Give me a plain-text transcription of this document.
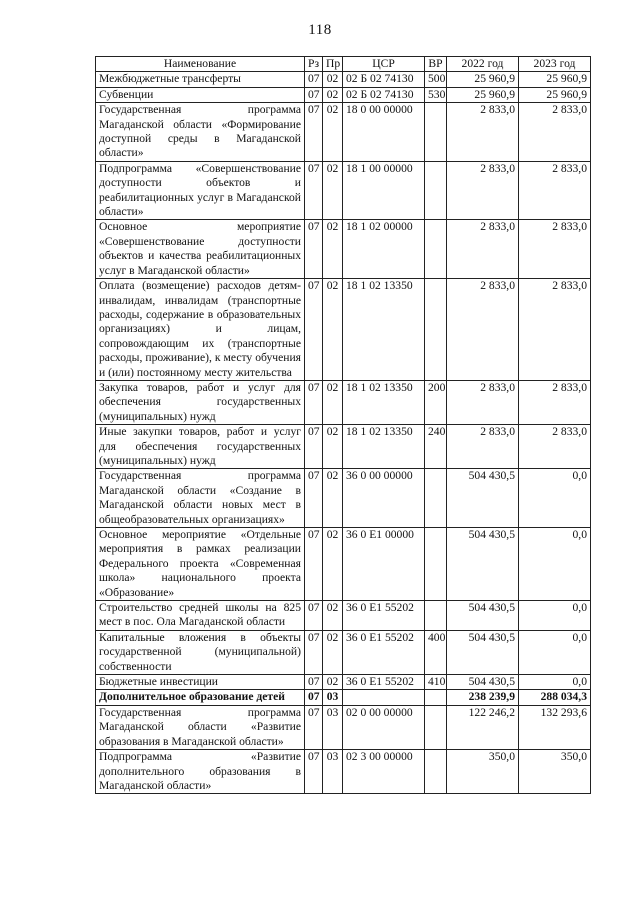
118
Наименование	Рз	Пр	ЦСР	ВР	2022 год	2023 год
Межбюджетные трансферты	07	02	02 Б 02 74130	500	25 960,9	25 960,9
Субвенции	07	02	02 Б 02 74130	530	25 960,9	25 960,9
Государственная программа Магаданской области «Формирование доступной среды в Магаданской области»	07	02	18 0 00 00000		2 833,0	2 833,0
Подпрограмма «Совершенствование доступности объектов и реабилитационных услуг в Магаданской области»	07	02	18 1 00 00000		2 833,0	2 833,0
Основное мероприятие «Совершенствование доступности объектов и качества реабилитационных услуг в Магаданской области»	07	02	18 1 02 00000		2 833,0	2 833,0
Оплата (возмещение) расходов детям-инвалидам, инвалидам (транспортные расходы, содержание в образовательных организациях) и лицам, сопровождающим их (транспортные расходы, проживание), к месту обучения и (или) постоянному месту жительства	07	02	18 1 02 13350		2 833,0	2 833,0
Закупка товаров, работ и услуг для обеспечения государственных (муниципальных) нужд	07	02	18 1 02 13350	200	2 833,0	2 833,0
Иные закупки товаров, работ и услуг для обеспечения государственных (муниципальных) нужд	07	02	18 1 02 13350	240	2 833,0	2 833,0
Государственная программа Магаданской области «Создание в Магаданской области новых мест в общеобразовательных организациях»	07	02	36 0 00 00000		504 430,5	0,0
Основное мероприятие «Отдельные мероприятия в рамках реализации Федерального проекта «Современная школа» национального проекта «Образование»	07	02	36 0 E1 00000		504 430,5	0,0
Строительство средней школы на 825 мест в пос. Ола Магаданской области	07	02	36 0 E1 55202		504 430,5	0,0
Капитальные вложения в объекты государственной (муниципальной) собственности	07	02	36 0 E1 55202	400	504 430,5	0,0
Бюджетные инвестиции	07	02	36 0 E1 55202	410	504 430,5	0,0
Дополнительное образование детей	07	03			238 239,9	288 034,3
Государственная программа Магаданской области «Развитие образования в Магаданской области»	07	03	02 0 00 00000		122 246,2	132 293,6
Подпрограмма «Развитие дополнительного образования в Магаданской области»	07	03	02 3 00 00000		350,0	350,0
